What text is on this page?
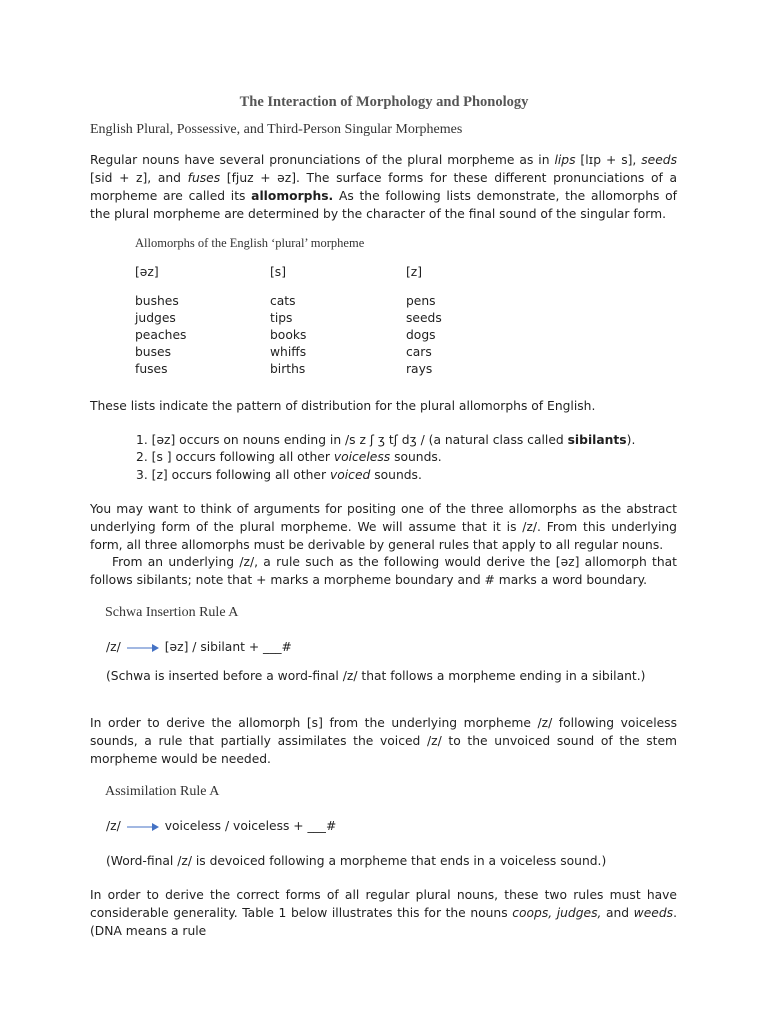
The Interaction of Morphology and Phonology
English Plural, Possessive, and Third-Person Singular Morphemes
Regular nouns have several pronunciations of the plural morpheme as in lips [lɪp + s], seeds [sid + z], and fuses [fjuz + əz]. The surface forms for these different pronunciations of a morpheme are called its allomorphs. As the following lists demonstrate, the allomorphs of the plural morpheme are determined by the character of the final sound of the singular form.
Allomorphs of the English ‘plural’ morpheme
[əz]
bushes
judges
peaches
buses
fuses
[s]
cats
tips
books
whiffs
births
[z]
pens
seeds
dogs
cars
rays
These lists indicate the pattern of distribution for the plural allomorphs of English.
1. [əz] occurs on nouns ending in /s z ʃ ʒ tʃ dʒ / (a natural class called sibilants).
2. [s ] occurs following all other voiceless sounds.
3. [z] occurs following all other voiced sounds.
You may want to think of arguments for positing one of the three allomorphs as the abstract underlying form of the plural morpheme. We will assume that it is /z/. From this underlying form, all three allomorphs must be derivable by general rules that apply to all regular nouns.
From an underlying /z/, a rule such as the following would derive the [əz] allomorph that follows sibilants; note that + marks a morpheme boundary and # marks a word boundary.
Schwa Insertion Rule A
/z/	[əz] / sibilant + ___#
(Schwa is inserted before a word-final /z/ that follows a morpheme ending in a sibilant.)
In order to derive the allomorph [s] from the underlying morpheme /z/ following voiceless sounds, a rule that partially assimilates the voiced /z/ to the unvoiced sound of the stem morpheme would be needed.
Assimilation Rule A
/z/	voiceless / voiceless + ___#
(Word-final /z/ is devoiced following a morpheme that ends in a voiceless sound.)
In order to derive the correct forms of all regular plural nouns, these two rules must have considerable generality. Table 1 below illustrates this for the nouns coops, judges, and weeds. (DNA means a rule
